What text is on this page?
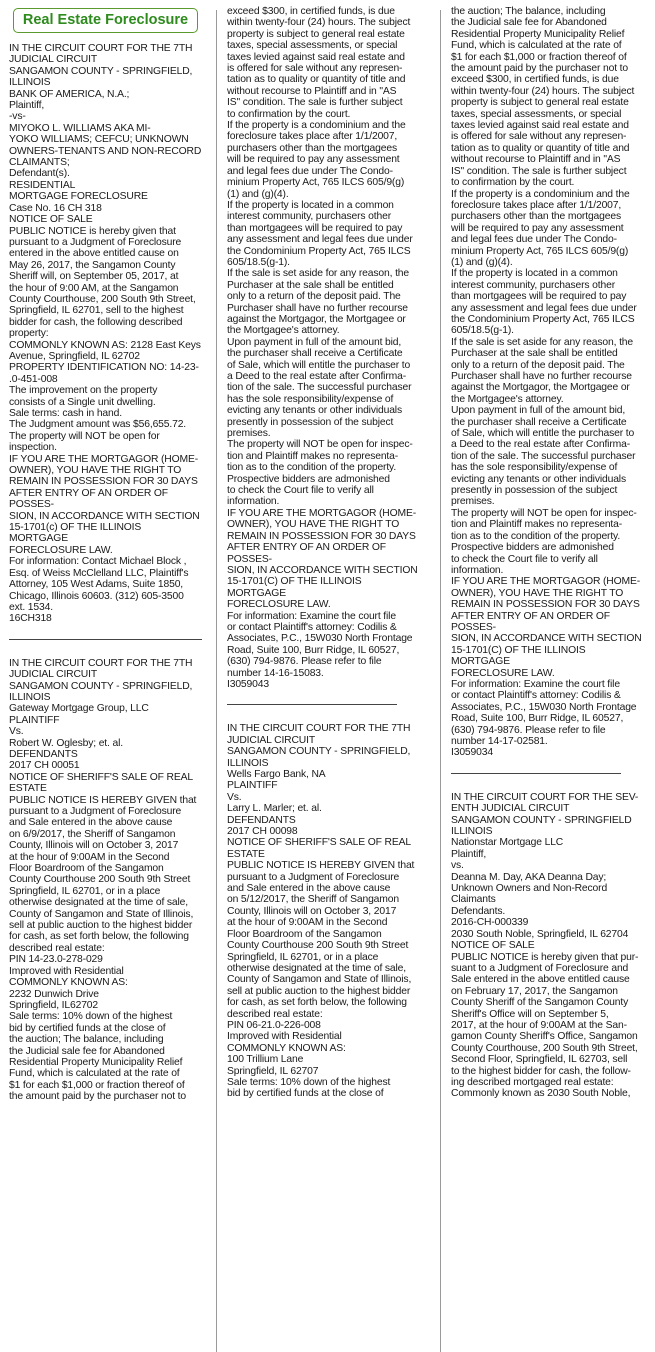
Real Estate Foreclosure

IN THE CIRCUIT COURT FOR THE 7TH

JUDICIAL CIRCUIT

SANGAMON COUNTY - SPRINGFIELD,

ILLINOIS

BANK OF AMERICA, N.A.;

Plaintiff,

-vs-

MIYOKO L. WILLIAMS AKA MI-

YOKO WILLIAMS; CEFCU; UNKNOWN

OWNERS-TENANTS AND NON-RECORD

CLAIMANTS;

Defendant(s).

RESIDENTIAL

MORTGAGE FORECLOSURE

Case No. 16 CH 318

NOTICE OF SALE

PUBLIC NOTICE is hereby given that

pursuant to a Judgment of Foreclosure

entered in the above entitled cause on

May 26, 2017, the Sangamon County

Sheriff will, on September 05, 2017, at

the hour of 9:00 AM, at the Sangamon

County Courthouse, 200 South 9th Street,

Springfield, IL 62701, sell to the highest

bidder for cash, the following described

property:

COMMONLY KNOWN AS: 2128 East Keys

Avenue, Springfield, IL 62702

PROPERTY IDENTIFICATION NO: 14-23-

.0-451-008

The improvement on the property

consists of a Single unit dwelling.

Sale terms: cash in hand.

The Judgment amount was $56,655.72.

The property will NOT be open for

inspection.

IF YOU ARE THE MORTGAGOR (HOME-

OWNER), YOU HAVE THE RIGHT TO

REMAIN IN POSSESSION FOR 30 DAYS

AFTER ENTRY OF AN ORDER OF POSSES-

SION, IN ACCORDANCE WITH SECTION

15-1701(c) OF THE ILLINOIS MORTGAGE

FORECLOSURE LAW.

For information: Contact Michael Block ,

Esq. of Weiss McClelland LLC, Plaintiff's

Attorney, 105 West Adams, Suite 1850,

Chicago, Illinois 60603. (312) 605-3500

ext. 1534.

16CH318

IN THE CIRCUIT COURT FOR THE 7TH

JUDICIAL CIRCUIT

SANGAMON COUNTY - SPRINGFIELD,

ILLINOIS

Gateway Mortgage Group, LLC

PLAINTIFF

Vs.

Robert W. Oglesby; et. al.

DEFENDANTS

2017 CH 00051

NOTICE OF SHERIFF'S SALE OF REAL

ESTATE

PUBLIC NOTICE IS HEREBY GIVEN that

pursuant to a Judgment of Foreclosure

and Sale entered in the above cause

on 6/9/2017, the Sheriff of Sangamon

County, Illinois will on October 3, 2017

at the hour of 9:00AM in the Second

Floor Boardroom of the Sangamon

County Courthouse 200 South 9th Street

Springfield, IL 62701, or in a place

otherwise designated at the time of sale,

County of Sangamon and State of Illinois,

sell at public auction to the highest bidder

for cash, as set forth below, the following

described real estate:

PIN 14-23.0-278-029

Improved with Residential

COMMONLY KNOWN AS:

2232 Dunwich Drive

Springfield, IL62702

Sale terms: 10% down of the highest

bid by certified funds at the close of

the auction; The balance, including

the Judicial sale fee for Abandoned

Residential Property Municipality Relief

Fund, which is calculated at the rate of

$1 for each $1,000 or fraction thereof of

the amount paid by the purchaser not to

exceed $300, in certified funds, is due

within twenty-four (24) hours. The subject

property is subject to general real estate

taxes, special assessments, or special

taxes levied against said real estate and

is offered for sale without any represen-

tation as to quality or quantity of title and

without recourse to Plaintiff and in "AS

IS" condition. The sale is further subject

to confirmation by the court.

If the property is a condominium and the

foreclosure takes place after 1/1/2007,

purchasers other than the mortgagees

will be required to pay any assessment

and legal fees due under The Condo-

minium Property Act, 765 ILCS 605/9(g)

(1) and (g)(4).

If the property is located in a common

interest community, purchasers other

than mortgagees will be required to pay

any assessment and legal fees due under

the Condominium Property Act, 765 ILCS

605/18.5(g-1).

If the sale is set aside for any reason, the

Purchaser at the sale shall be entitled

only to a return of the deposit paid. The

Purchaser shall have no further recourse

against the Mortgagor, the Mortgagee or

the Mortgagee's attorney.

Upon payment in full of the amount bid,

the purchaser shall receive a Certificate

of Sale, which will entitle the purchaser to

a Deed to the real estate after Confirma-

tion of the sale. The successful purchaser

has the sole responsibility/expense of

evicting any tenants or other individuals

presently in possession of the subject

premises.

The property will NOT be open for inspec-

tion and Plaintiff makes no representa-

tion as to the condition of the property.

Prospective bidders are admonished

to check the Court file to verify all

information.

IF YOU ARE THE MORTGAGOR (HOME-

OWNER), YOU HAVE THE RIGHT TO

REMAIN IN POSSESSION FOR 30 DAYS

AFTER ENTRY OF AN ORDER OF POSSES-

SION, IN ACCORDANCE WITH SECTION

15-1701(C) OF THE ILLINOIS MORTGAGE

FORECLOSURE LAW.

For information: Examine the court file

or contact Plaintiff's attorney: Codilis &

Associates, P.C., 15W030 North Frontage

Road, Suite 100, Burr Ridge, IL 60527,

(630) 794-9876. Please refer to file

number 14-16-15083.

I3059043

IN THE CIRCUIT COURT FOR THE 7TH

JUDICIAL CIRCUIT

SANGAMON COUNTY - SPRINGFIELD,

ILLINOIS

Wells Fargo Bank, NA

PLAINTIFF

Vs.

Larry L. Marler; et. al.

DEFENDANTS

2017 CH 00098

NOTICE OF SHERIFF'S SALE OF REAL

ESTATE

PUBLIC NOTICE IS HEREBY GIVEN that

pursuant to a Judgment of Foreclosure

and Sale entered in the above cause

on 5/12/2017, the Sheriff of Sangamon

County, Illinois will on October 3, 2017

at the hour of 9:00AM in the Second

Floor Boardroom of the Sangamon

County Courthouse 200 South 9th Street

Springfield, IL 62701, or in a place

otherwise designated at the time of sale,

County of Sangamon and State of Illinois,

sell at public auction to the highest bidder

for cash, as set forth below, the following

described real estate:

PIN 06-21.0-226-008

Improved with Residential

COMMONLY KNOWN AS:

100 Trillium Lane

Springfield, IL 62707

Sale terms: 10% down of the highest

bid by certified funds at the close of

the auction; The balance, including

the Judicial sale fee for Abandoned

Residential Property Municipality Relief

Fund, which is calculated at the rate of

$1 for each $1,000 or fraction thereof of

the amount paid by the purchaser not to

exceed $300, in certified funds, is due

within twenty-four (24) hours. The subject

property is subject to general real estate

taxes, special assessments, or special

taxes levied against said real estate and

is offered for sale without any represen-

tation as to quality or quantity of title and

without recourse to Plaintiff and in "AS

IS" condition. The sale is further subject

to confirmation by the court.

If the property is a condominium and the

foreclosure takes place after 1/1/2007,

purchasers other than the mortgagees

will be required to pay any assessment

and legal fees due under The Condo-

minium Property Act, 765 ILCS 605/9(g)

(1) and (g)(4).

If the property is located in a common

interest community, purchasers other

than mortgagees will be required to pay

any assessment and legal fees due under

the Condominium Property Act, 765 ILCS

605/18.5(g-1).

If the sale is set aside for any reason, the

Purchaser at the sale shall be entitled

only to a return of the deposit paid. The

Purchaser shall have no further recourse

against the Mortgagor, the Mortgagee or

the Mortgagee's attorney.

Upon payment in full of the amount bid,

the purchaser shall receive a Certificate

of Sale, which will entitle the purchaser to

a Deed to the real estate after Confirma-

tion of the sale. The successful purchaser

has the sole responsibility/expense of

evicting any tenants or other individuals

presently in possession of the subject

premises.

The property will NOT be open for inspec-

tion and Plaintiff makes no representa-

tion as to the condition of the property.

Prospective bidders are admonished

to check the Court file to verify all

information.

IF YOU ARE THE MORTGAGOR (HOME-

OWNER), YOU HAVE THE RIGHT TO

REMAIN IN POSSESSION FOR 30 DAYS

AFTER ENTRY OF AN ORDER OF POSSES-

SION, IN ACCORDANCE WITH SECTION

15-1701(C) OF THE ILLINOIS MORTGAGE

FORECLOSURE LAW.

For information: Examine the court file

or contact Plaintiff's attorney: Codilis &

Associates, P.C., 15W030 North Frontage

Road, Suite 100, Burr Ridge, IL 60527,

(630) 794-9876. Please refer to file

number 14-17-02581.

I3059034

IN THE CIRCUIT COURT FOR THE SEV-

ENTH JUDICIAL CIRCUIT

SANGAMON COUNTY - SPRINGFIELD

ILLINOIS

Nationstar Mortgage LLC

Plaintiff,

vs.

Deanna M. Day, AKA Deanna Day;

Unknown Owners and Non-Record

Claimants

Defendants.

2016-CH-000339

2030 South Noble, Springfield, IL 62704

NOTICE OF SALE

PUBLIC NOTICE is hereby given that pur-

suant to a Judgment of Foreclosure and

Sale entered in the above entitled cause

on February 17, 2017, the Sangamon

County Sheriff of the Sangamon County

Sheriff's Office will on September 5,

2017, at the hour of 9:00AM at the San-

gamon County Sheriff's Office, Sangamon

County Courthouse, 200 South 9th Street,

Second Floor, Springfield, IL 62703, sell

to the highest bidder for cash, the follow-

ing described mortgaged real estate:

Commonly known as 2030 South Noble,
